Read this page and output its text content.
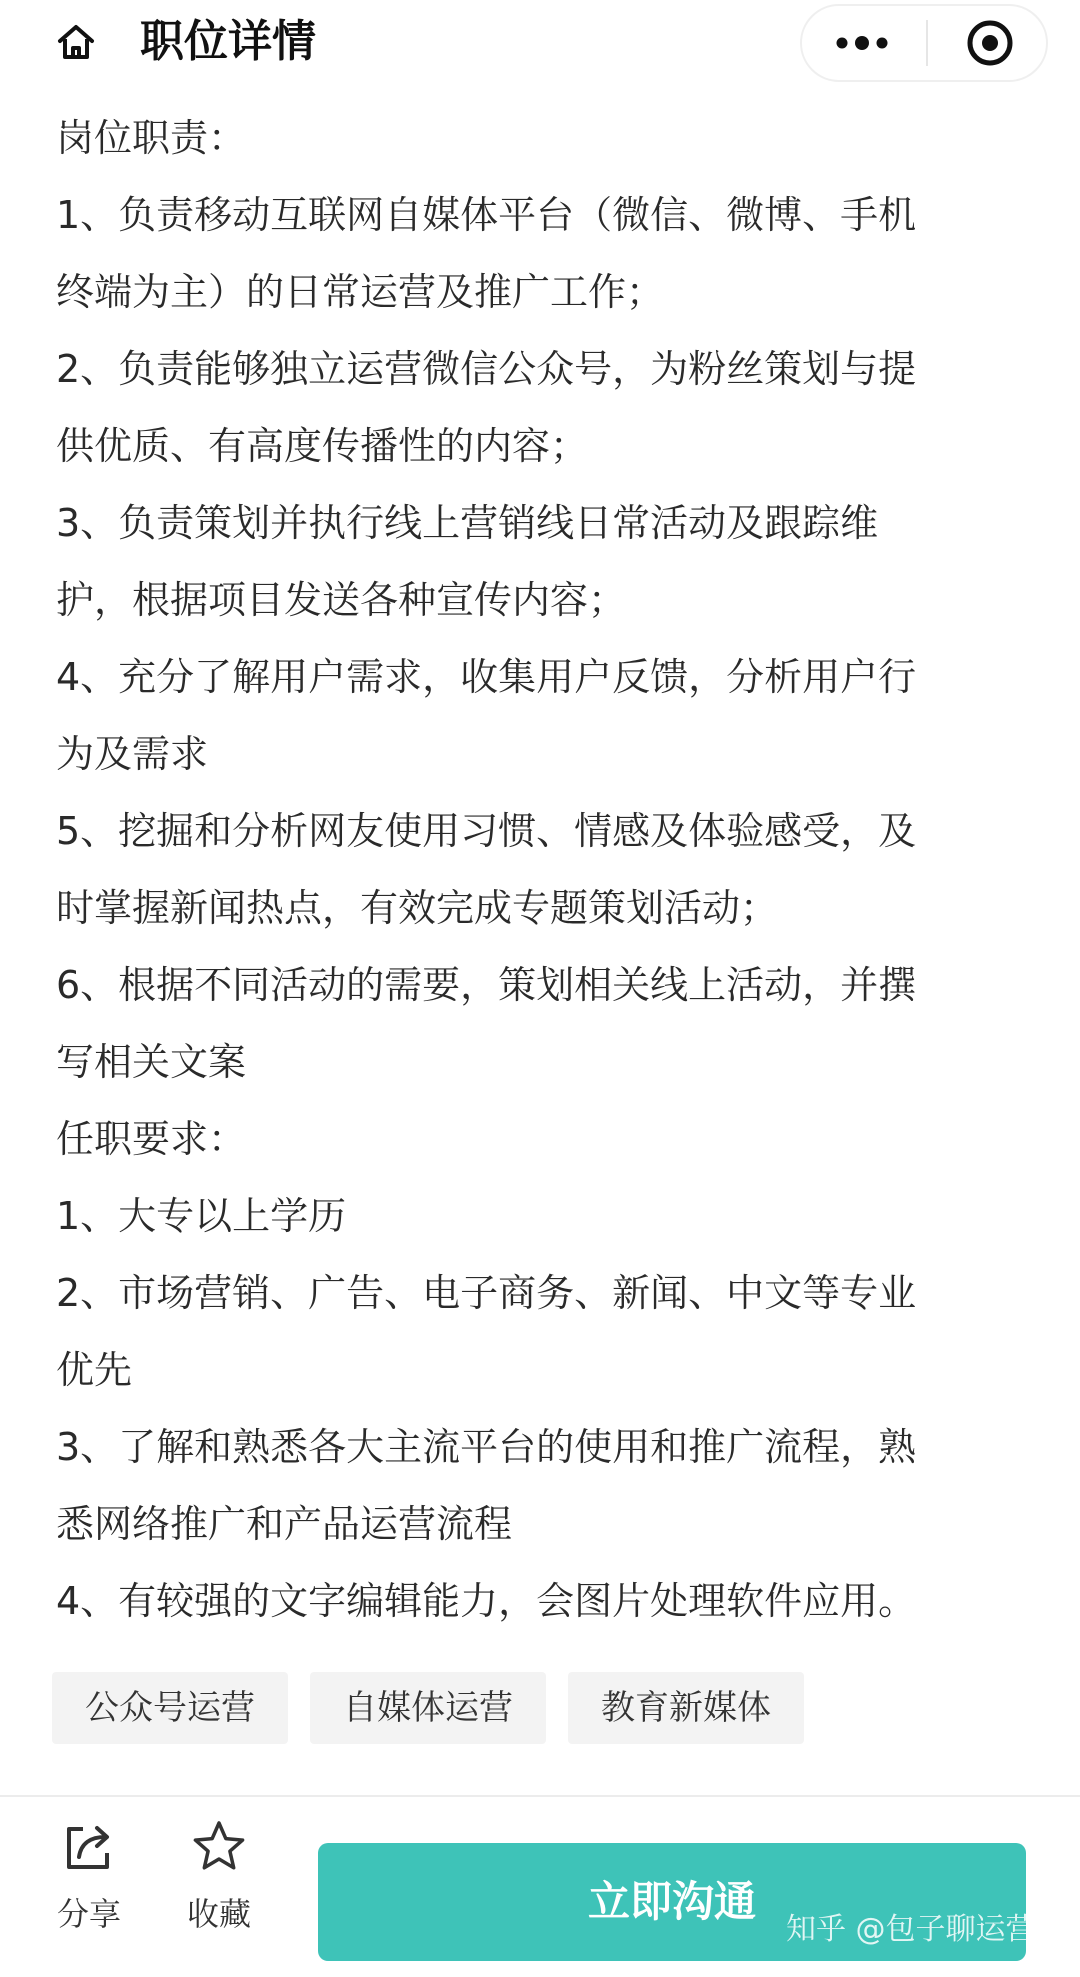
职位详情
岗位职责：
1、负责移动互联网自媒体平台（微信、微博、手机
终端为主）的日常运营及推广工作；
2、负责能够独立运营微信公众号，为粉丝策划与提
供优质、有高度传播性的内容；
3、负责策划并执行线上营销线日常活动及跟踪维
护，根据项目发送各种宣传内容；
4、充分了解用户需求，收集用户反馈，分析用户行
为及需求
5、挖掘和分析网友使用习惯、情感及体验感受，及
时掌握新闻热点，有效完成专题策划活动；
6、根据不同活动的需要，策划相关线上活动，并撰
写相关文案
任职要求：
1、大专以上学历
2、市场营销、广告、电子商务、新闻、中文等专业
优先
3、了解和熟悉各大主流平台的使用和推广流程，熟
悉网络推广和产品运营流程
4、有较强的文字编辑能力，会图片处理软件应用。
公众号运营	自媒体运营	教育新媒体
分享	收藏	立即沟通
知乎 @包子聊运营
